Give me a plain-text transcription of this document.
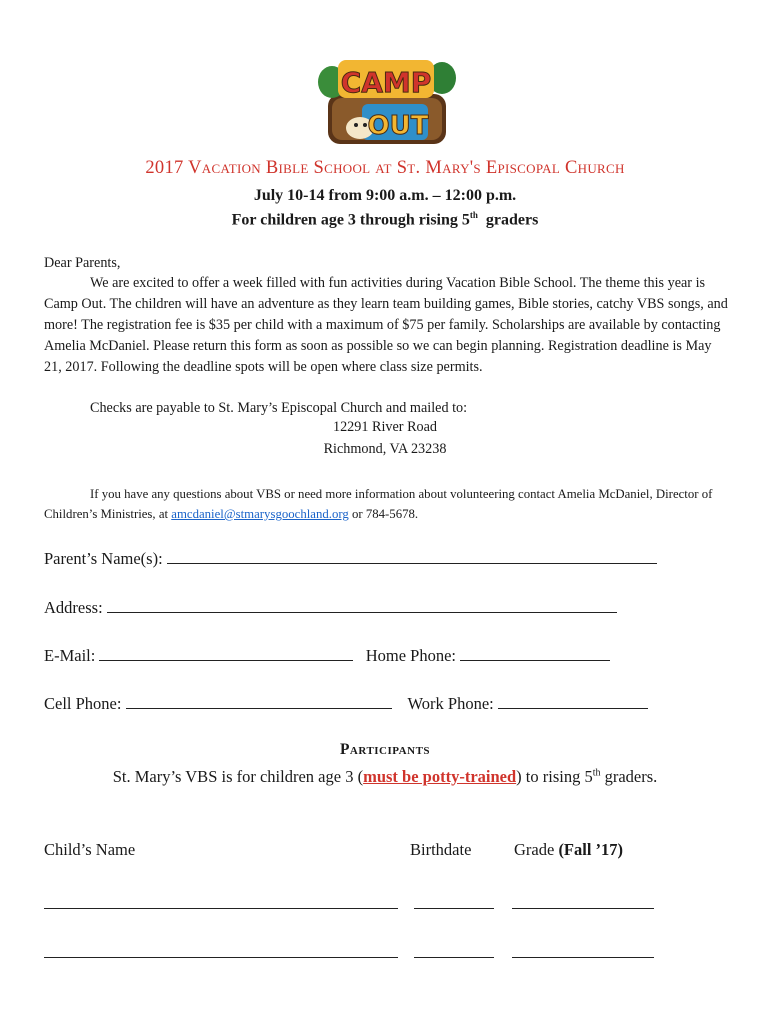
CAMP
OUT
2017 Vacation Bible School at St. Mary's Episcopal Church
July 10-14 from 9:00 a.m. – 12:00 p.m.
For children age 3 through rising 5th graders
Dear Parents,
We are excited to offer a week filled with fun activities during Vacation Bible School. The theme this year is Camp Out. The children will have an adventure as they learn team building games, Bible stories, catchy VBS songs, and more! The registration fee is $35 per child with a maximum of $75 per family. Scholarships are available by contacting Amelia McDaniel. Please return this form as soon as possible so we can begin planning. Registration deadline is May 21, 2017. Following the deadline spots will be open where class size permits.
Checks are payable to St. Mary’s Episcopal Church and mailed to:
12291 River Road
Richmond, VA 23238
If you have any questions about VBS or need more information about volunteering contact Amelia McDaniel, Director of Children’s Ministries, at amcdaniel@stmarysgoochland.org or 784-5678.
Parent’s Name(s):
Address:
E-Mail:	Home Phone:
Cell Phone:	Work Phone:
Participants
St. Mary’s VBS is for children age 3 (must be potty-trained) to rising 5th graders.
Child’s Name	Birthdate	Grade (Fall ’17)
